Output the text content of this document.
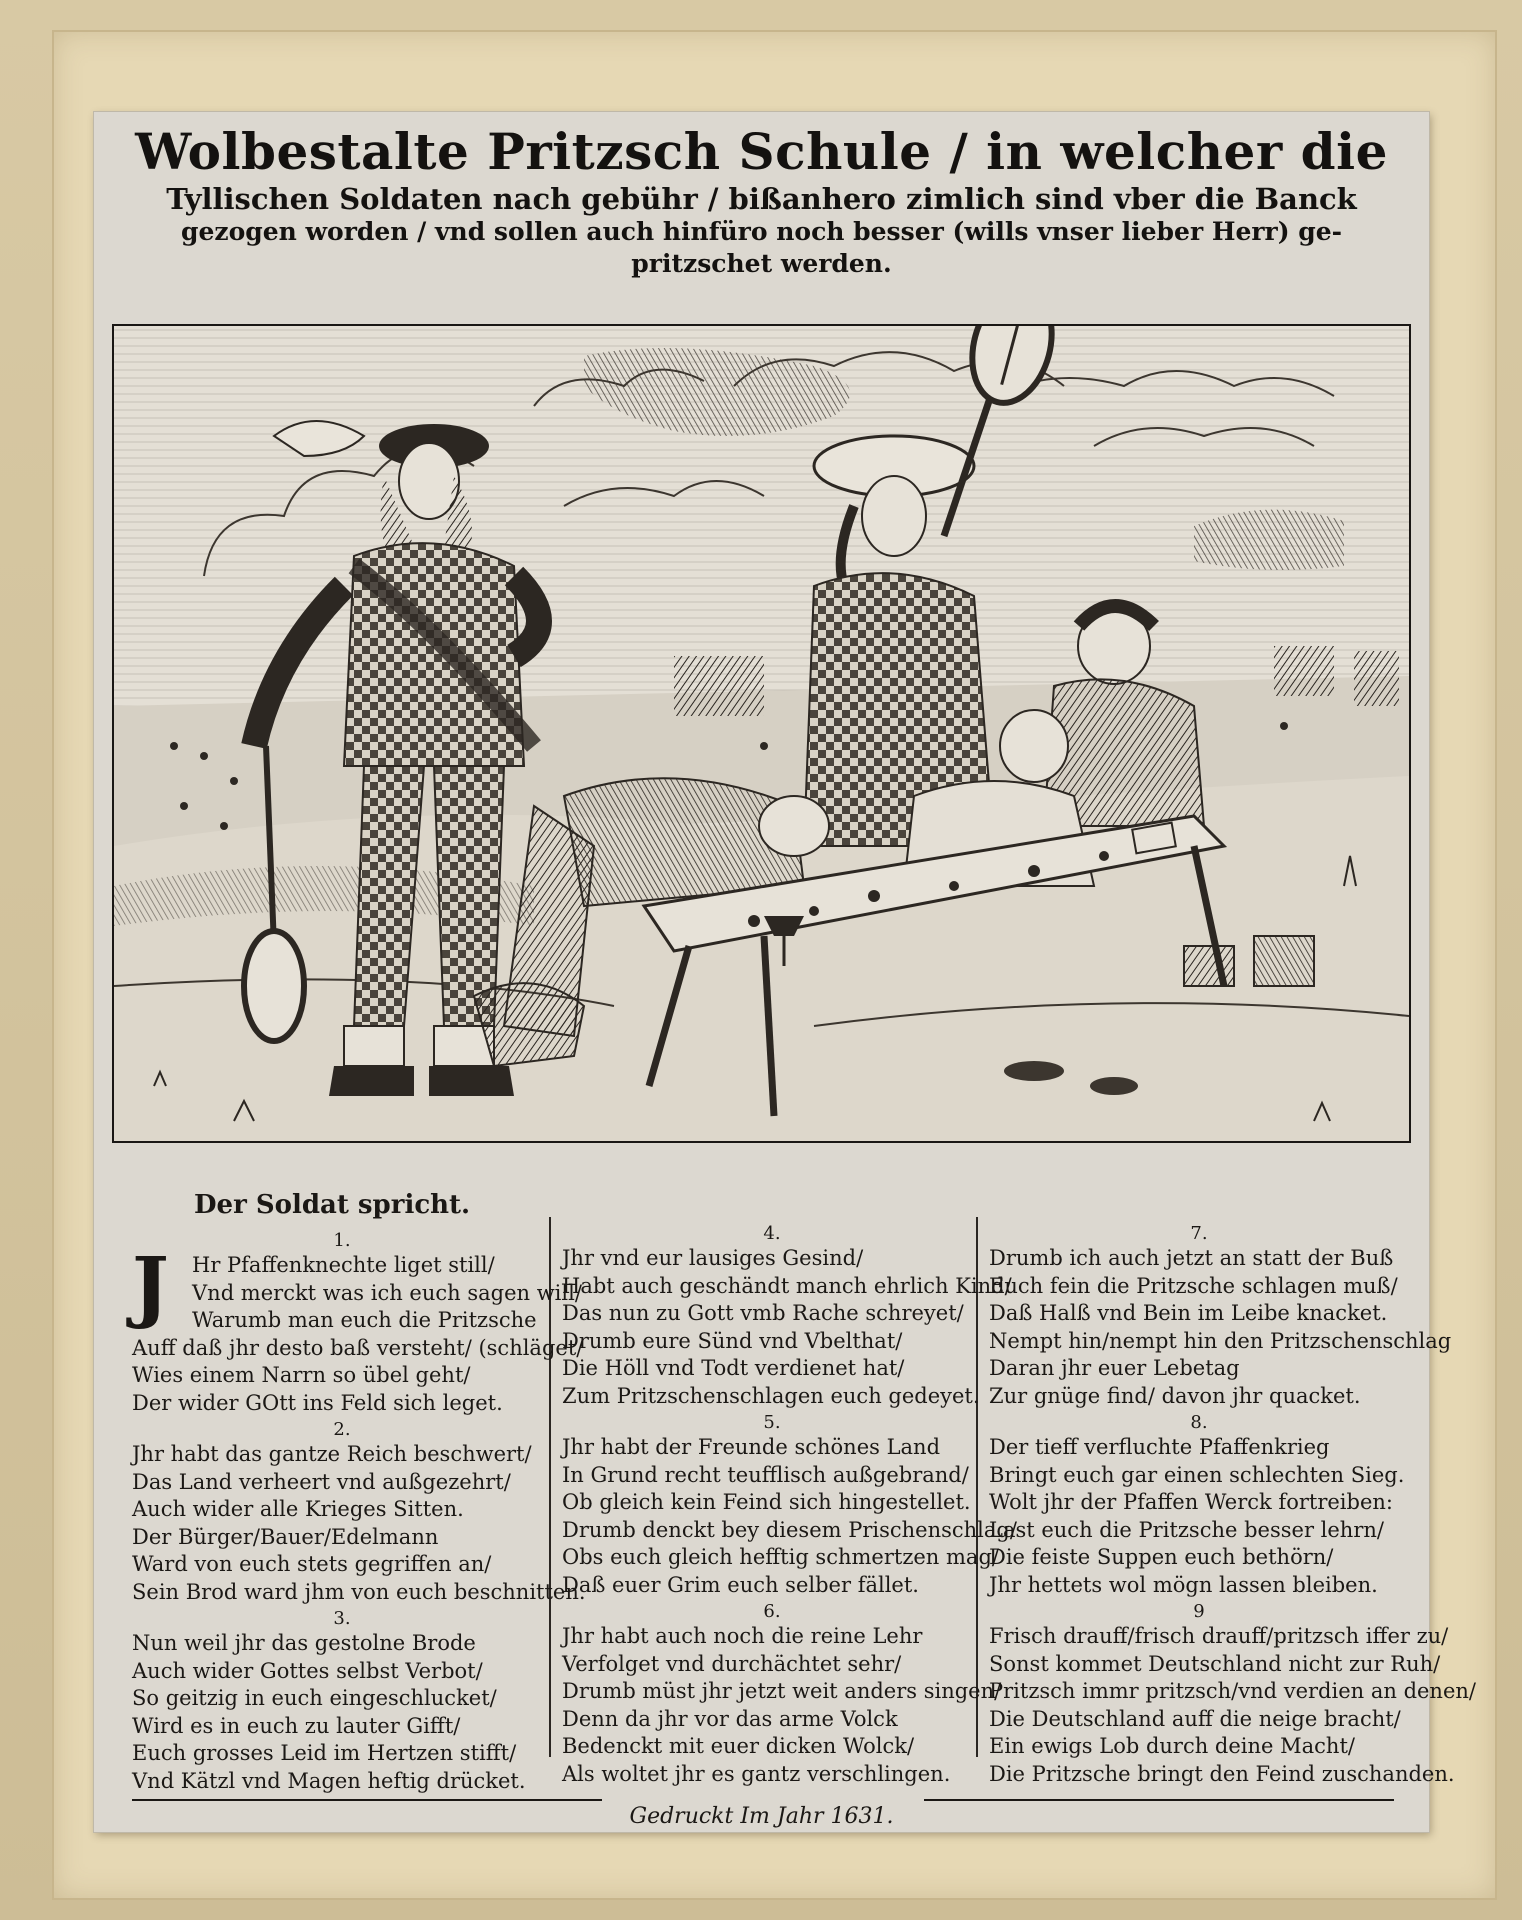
Wolbestalte Pritzsch Schule / in welcher die
Tyllischen Soldaten nach gebühr / bißanhero zimlich sind vber die Banck
gezogen worden / vnd sollen auch hinfüro noch besser (wills vnser lieber Herr) ge-
pritzschet werden.
Der Soldat spricht.
1.
J	Hr Pfaffenknechte liget still/
Vnd merckt was ich euch sagen will/
Warumb man euch die Pritzsche
Auff daß jhr desto baß versteht/ (schläget/
Wies einem Narrn so übel geht/
Der wider GOtt ins Feld sich leget.
2.
Jhr habt das gantze Reich beschwert/
Das Land verheert vnd außgezehrt/
Auch wider alle Krieges Sitten.
Der Bürger/Bauer/Edelmann
Ward von euch stets gegriffen an/
Sein Brod ward jhm von euch beschnitten.
3.
Nun weil jhr das gestolne Brode
Auch wider Gottes selbst Verbot/
So geitzig in euch eingeschlucket/
Wird es in euch zu lauter Gifft/
Euch grosses Leid im Hertzen stifft/
Vnd Kätzl vnd Magen heftig drücket.
4.
Jhr vnd eur lausiges Gesind/
Habt auch geschändt manch ehrlich Kind/
Das nun zu Gott vmb Rache schreyet/
Drumb eure Sünd vnd Vbelthat/
Die Höll vnd Todt verdienet hat/
Zum Pritzschenschlagen euch gedeyet.
5.
Jhr habt der Freunde schönes Land
In Grund recht teufflisch außgebrand/
Ob gleich kein Feind sich hingestellet.
Drumb denckt bey diesem Prischenschlag/
Obs euch gleich hefftig schmertzen mag/
Daß euer Grim euch selber fället.
6.
Jhr habt auch noch die reine Lehr
Verfolget vnd durchächtet sehr/
Drumb müst jhr jetzt weit anders singen/
Denn da jhr vor das arme Volck
Bedenckt mit euer dicken Wolck/
Als woltet jhr es gantz verschlingen.
7.
Drumb ich auch jetzt an statt der Buß
Euch fein die Pritzsche schlagen muß/
Daß Halß vnd Bein im Leibe knacket.
Nempt hin/nempt hin den Pritzschenschlag
Daran jhr euer Lebetag
Zur gnüge find/ davon jhr quacket.
8.
Der tieff verfluchte Pfaffenkrieg
Bringt euch gar einen schlechten Sieg.
Wolt jhr der Pfaffen Werck fortreiben:
Last euch die Pritzsche besser lehrn/
Die feiste Suppen euch bethörn/
Jhr hettets wol mögn lassen bleiben.
9
Frisch drauff/frisch drauff/pritzsch iffer zu/
Sonst kommet Deutschland nicht zur Ruh/
Pritzsch immr pritzsch/vnd verdien an denen/
Die Deutschland auff die neige bracht/
Ein ewigs Lob durch deine Macht/
Die Pritzsche bringt den Feind zuschanden.
Gedruckt Im Jahr 1631.
